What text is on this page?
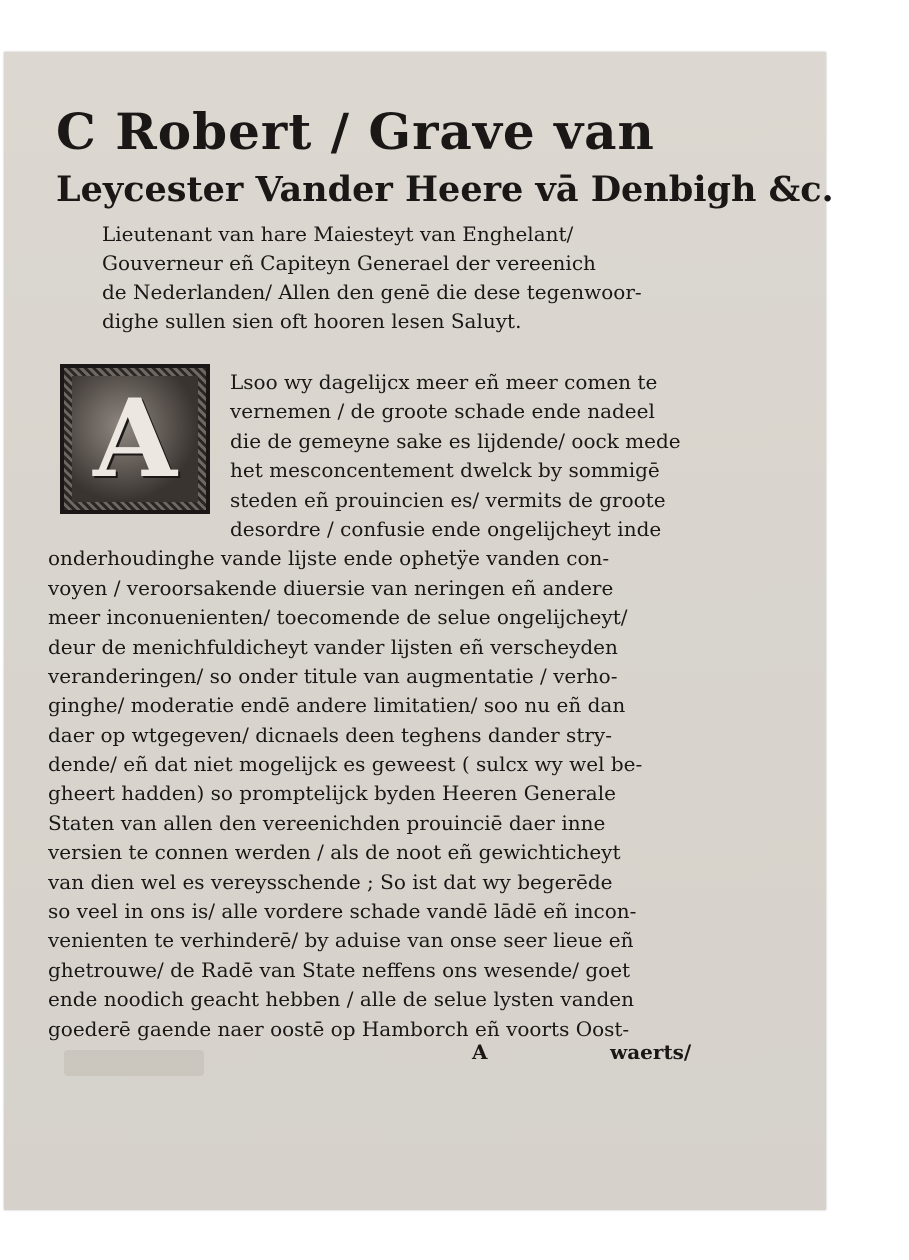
C Robert / Grave van
Leycester Vander Heere vā Denbigh &c.
Lieutenant van hare Maiesteyt van Enghelant/
Gouverneur eñ Capiteyn Generael der vereenich
de Nederlanden/ Allen den genē die dese tegenwoor-
dighe sullen sien oft hooren lesen Saluyt.
A	Lsoo wy dagelijcx meer eñ meer comen te
vernemen / de groote schade ende nadeel
die de gemeyne sake es lijdende/ oock mede
het mesconcentement dwelck by sommigē
steden eñ prouincien es/ vermits de groote
desordre / confusie ende ongelijcheyt inde
onderhoudinghe vande lijste ende ophetÿe vanden con-
voyen / veroorsakende diuersie van neringen eñ andere
meer inconuenienten/ toecomende de selue ongelijcheyt/
deur de menichfuldicheyt vander lijsten eñ verscheyden
veranderingen/ so onder titule van augmentatie / verho-
ginghe/ moderatie endē andere limitatien/ soo nu eñ dan
daer op wtgegeven/ dicnaels deen teghens dander stry-
dende/ eñ dat niet mogelijck es geweest ( sulcx wy wel be-
gheert hadden) so promptelijck byden Heeren Generale
Staten van allen den vereenichden prouinciē daer inne
versien te connen werden / als de noot eñ gewichticheyt
van dien wel es vereysschende ; So ist dat wy begerēde
so veel in ons is/ alle vordere schade vandē lādē eñ incon-
venienten te verhinderē/ by aduise van onse seer lieue eñ
ghetrouwe/ de Radē van State neffens ons wesende/ goet
ende noodich geacht hebben / alle de selue lysten vanden
goederē gaende naer oostē op Hamborch eñ voorts Oost-
A	waerts/
